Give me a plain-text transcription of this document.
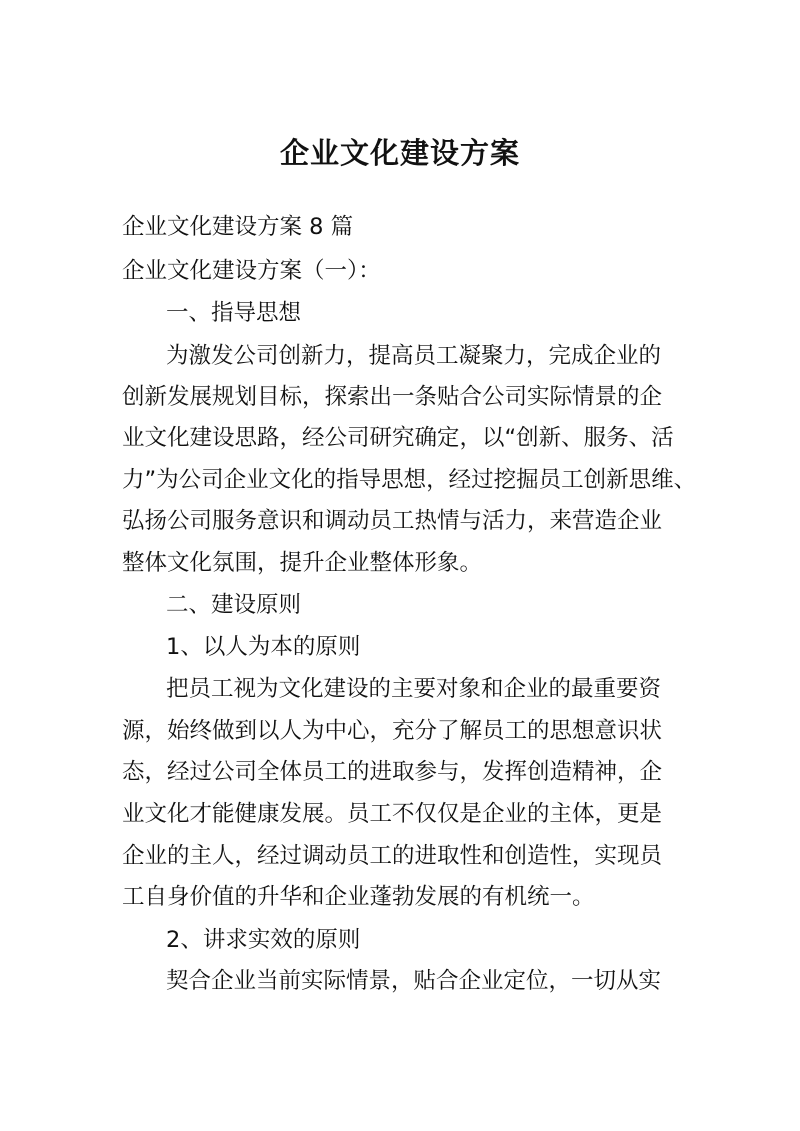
企业文化建设方案
企业文化建设方案 8 篇
企业文化建设方案（一）：
一、指导思想
为激发公司创新力，提高员工凝聚力，完成企业的
创新发展规划目标，探索出一条贴合公司实际情景的企
业文化建设思路，经公司研究确定，以“创新、服务、活
力”为公司企业文化的指导思想，经过挖掘员工创新思维、
弘扬公司服务意识和调动员工热情与活力，来营造企业
整体文化氛围，提升企业整体形象。
二、建设原则
1、以人为本的原则
把员工视为文化建设的主要对象和企业的最重要资
源，始终做到以人为中心，充分了解员工的思想意识状
态，经过公司全体员工的进取参与，发挥创造精神，企
业文化才能健康发展。员工不仅仅是企业的主体，更是
企业的主人，经过调动员工的进取性和创造性，实现员
工自身价值的升华和企业蓬勃发展的有机统一。
2、讲求实效的原则
契合企业当前实际情景，贴合企业定位，一切从实
